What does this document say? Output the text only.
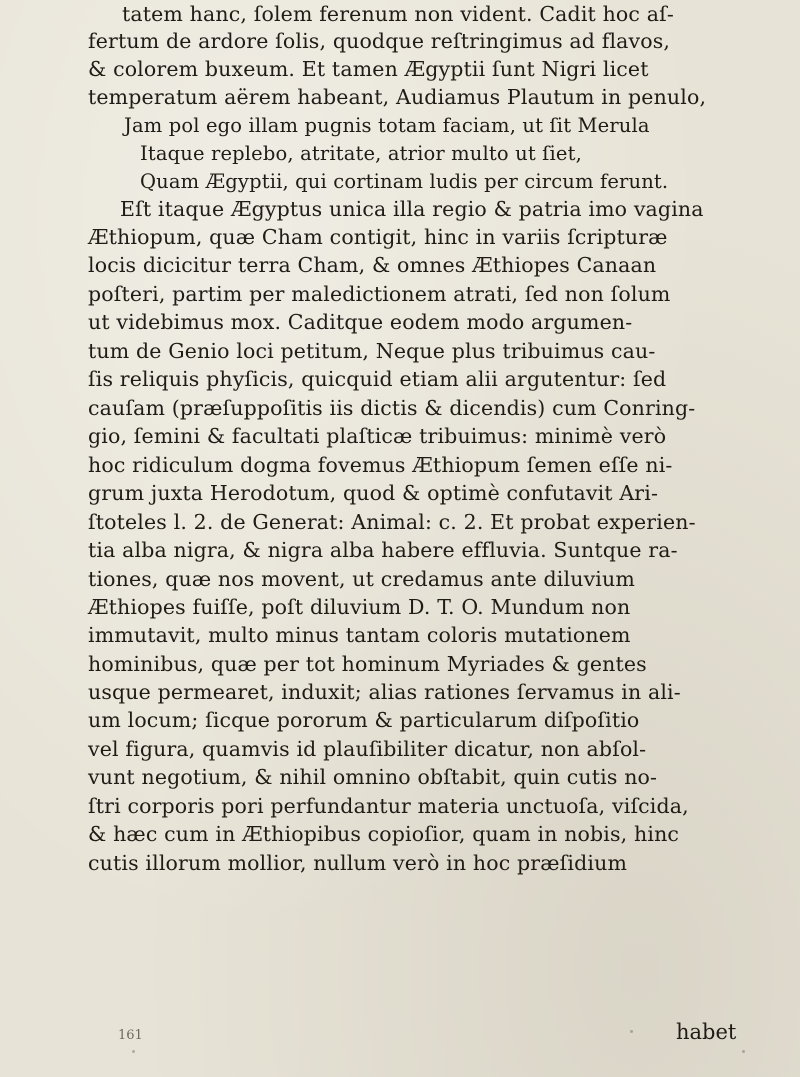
tatem hanc, ſolem ferenum non vident. Cadit hoc aſ-
fertum de ardore ſolis, quodque reſtringimus ad flavos,
& colorem buxeum. Et tamen Ægyptii ſunt Nigri licet
temperatum aërem habeant, Audiamus Plautum in penulo,
Jam pol ego illam pugnis totam faciam, ut ſit Merula
Itaque replebo, atritate, atrior multo ut ſiet,
Quam Ægyptii, qui cortinam ludis per circum ferunt.
Eſt itaque Ægyptus unica illa regio & patria imo vagina
Æthiopum, quæ Cham contigit, hinc in variis ſcripturæ
locis dicicitur terra Cham, & omnes Æthiopes Canaan
poſteri, partim per maledictionem atrati, ſed non ſolum
ut videbimus mox. Caditque eodem modo argumen-
tum de Genio loci petitum, Neque plus tribuimus cau-
ſis reliquis phyſicis, quicquid etiam alii argutentur: ſed
cauſam (præſuppoſitis iis dictis & dicendis) cum Conring-
gio, ſemini & facultati plaſticæ tribuimus: minimè verò
hoc ridiculum dogma fovemus Æthiopum ſemen eſſe ni-
grum juxta Herodotum, quod & optimè confutavit Ari-
ſtoteles l. 2. de Generat: Animal: c. 2. Et probat experien-
tia alba nigra, & nigra alba habere effluvia. Suntque ra-
tiones, quæ nos movent, ut credamus ante diluvium
Æthiopes fuiſſe, poſt diluvium D. T. O. Mundum non
immutavit, multo minus tantam coloris mutationem
hominibus, quæ per tot hominum Myriades & gentes
usque permearet, induxit; alias rationes ſervamus in ali-
um locum; ſicque pororum & particularum diſpoſitio
vel figura, quamvis id plauſibiliter dicatur, non abſol-
vunt negotium, & nihil omnino obſtabit, quin cutis no-
ſtri corporis pori perfundantur materia unctuoſa, viſcida,
& hæc cum in Æthiopibus copioſior, quam in nobis, hinc
cutis illorum mollior, nullum verò in hoc præſidium
161	habet
